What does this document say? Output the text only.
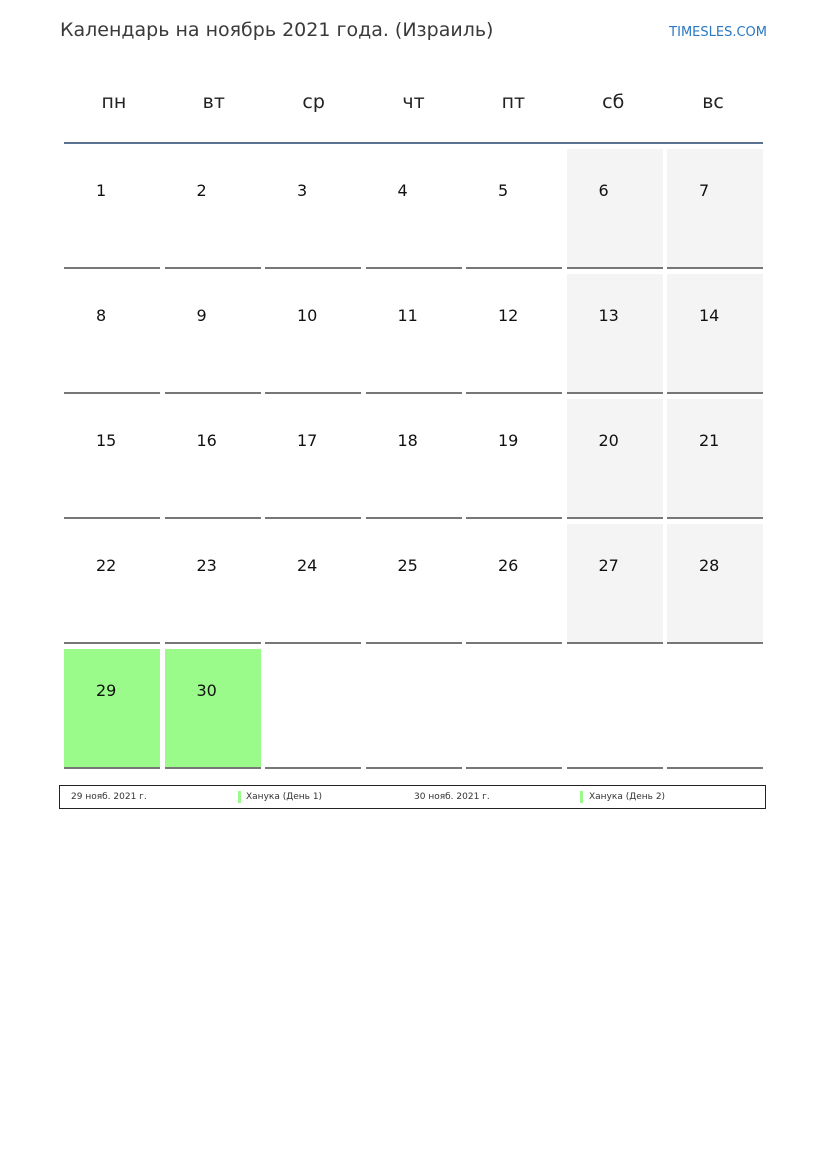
Календарь на ноябрь 2021 года. (Израиль)	TIMESLES.COM
пн	вт	ср	чт	пт	сб	вс
1	2	3	4	5	6	7
8	9	10	11	12	13	14
15	16	17	18	19	20	21
22	23	24	25	26	27	28
29	30
29 нояб. 2021 г.	Ханука (День 1)	30 нояб. 2021 г.	Ханука (День 2)
